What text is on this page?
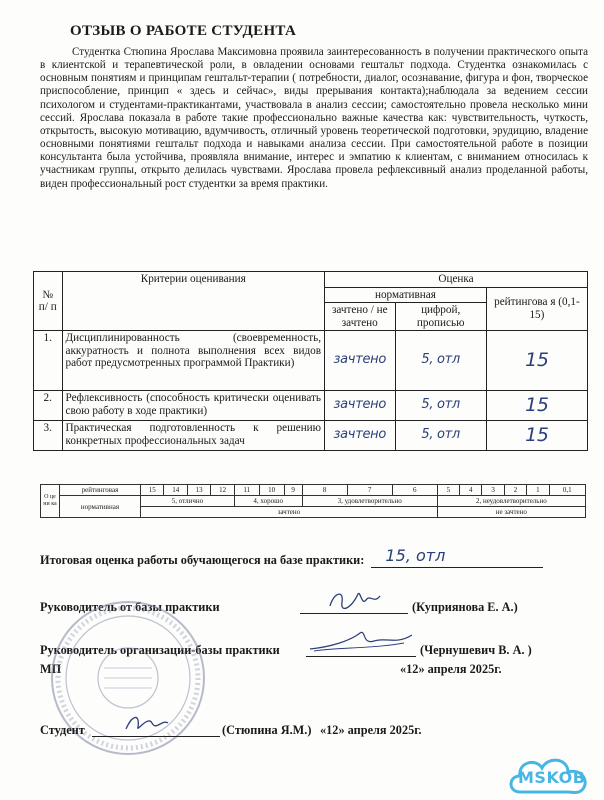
ОТЗЫВ О РАБОТЕ СТУДЕНТА

Студентка Стюпина Ярослава Максимовна проявила заинтересованность в получении практического опыта в клиентской и терапевтической роли, в овладении основами гештальт подхода. Студентка ознакомилась с основным понятиям и принципам гештальт-терапии ( потребности, диалог, осознавание, фигура и фон, творческое приспособление, принцип « здесь и сейчас», виды прерывания контакта);наблюдала за ведением сессии психологом и студентами-практикантами, участвовала в анализ сессии; самостоятельно провела несколько мини сессий. Ярослава показала в работе такие профессионально важные качества как: чувствительность, чуткость, открытость, высокую мотивацию, вдумчивость, отличный уровень теоретической подготовки, эрудицию, владение основными понятиями гештальт подхода и навыками анализа сессии. При самостоятельной работе в позиции консультанта была устойчива, проявляла внимание, интерес и эмпатию к клиентам, с вниманием относилась к участникам группы, открыто делилась чувствами. Ярослава провела рефлексивный анализ проделанной работы, виден профессиональный рост студентки за время практики.

№ п/ п	Критерии оценивания	Оценка		
		нормативная		рейтингова я (0,1-15)
		зачтено / не зачтено	цифрой, прописью	
1.	Дисциплинированность (своевременность, аккуратность и полнота выполнения всех видов работ предусмотренных программой Практики)	зачтено	5, отл	15
2.	Рефлексивность (способность критически оценивать свою работу в ходе практики)	зачтено	5, отл	15
3.	Практическая подготовленность к решению конкретных профессиональных задач	зачтено	5, отл	15
О це ни ка	рейтинговая	15	14	13	12	11	10	9	8	7	6	5	4	3	2	1	0,1
	нормативная	5, отлично				4, хорошо			3, удовлетворительно			2, неудовлетворительно					
		зачтено										не зачтено					
Итоговая оценка работы обучающегося на базе практики: 15, отл
Руководитель от базы практики	(Куприянова Е. А.)
Руководитель организации-базы практики	(Чернушевич В. А. )
МП	«12» апреля 2025г.
Студент	(Стюпина Я.М.) «12» апреля 2025г.
MSKOB
